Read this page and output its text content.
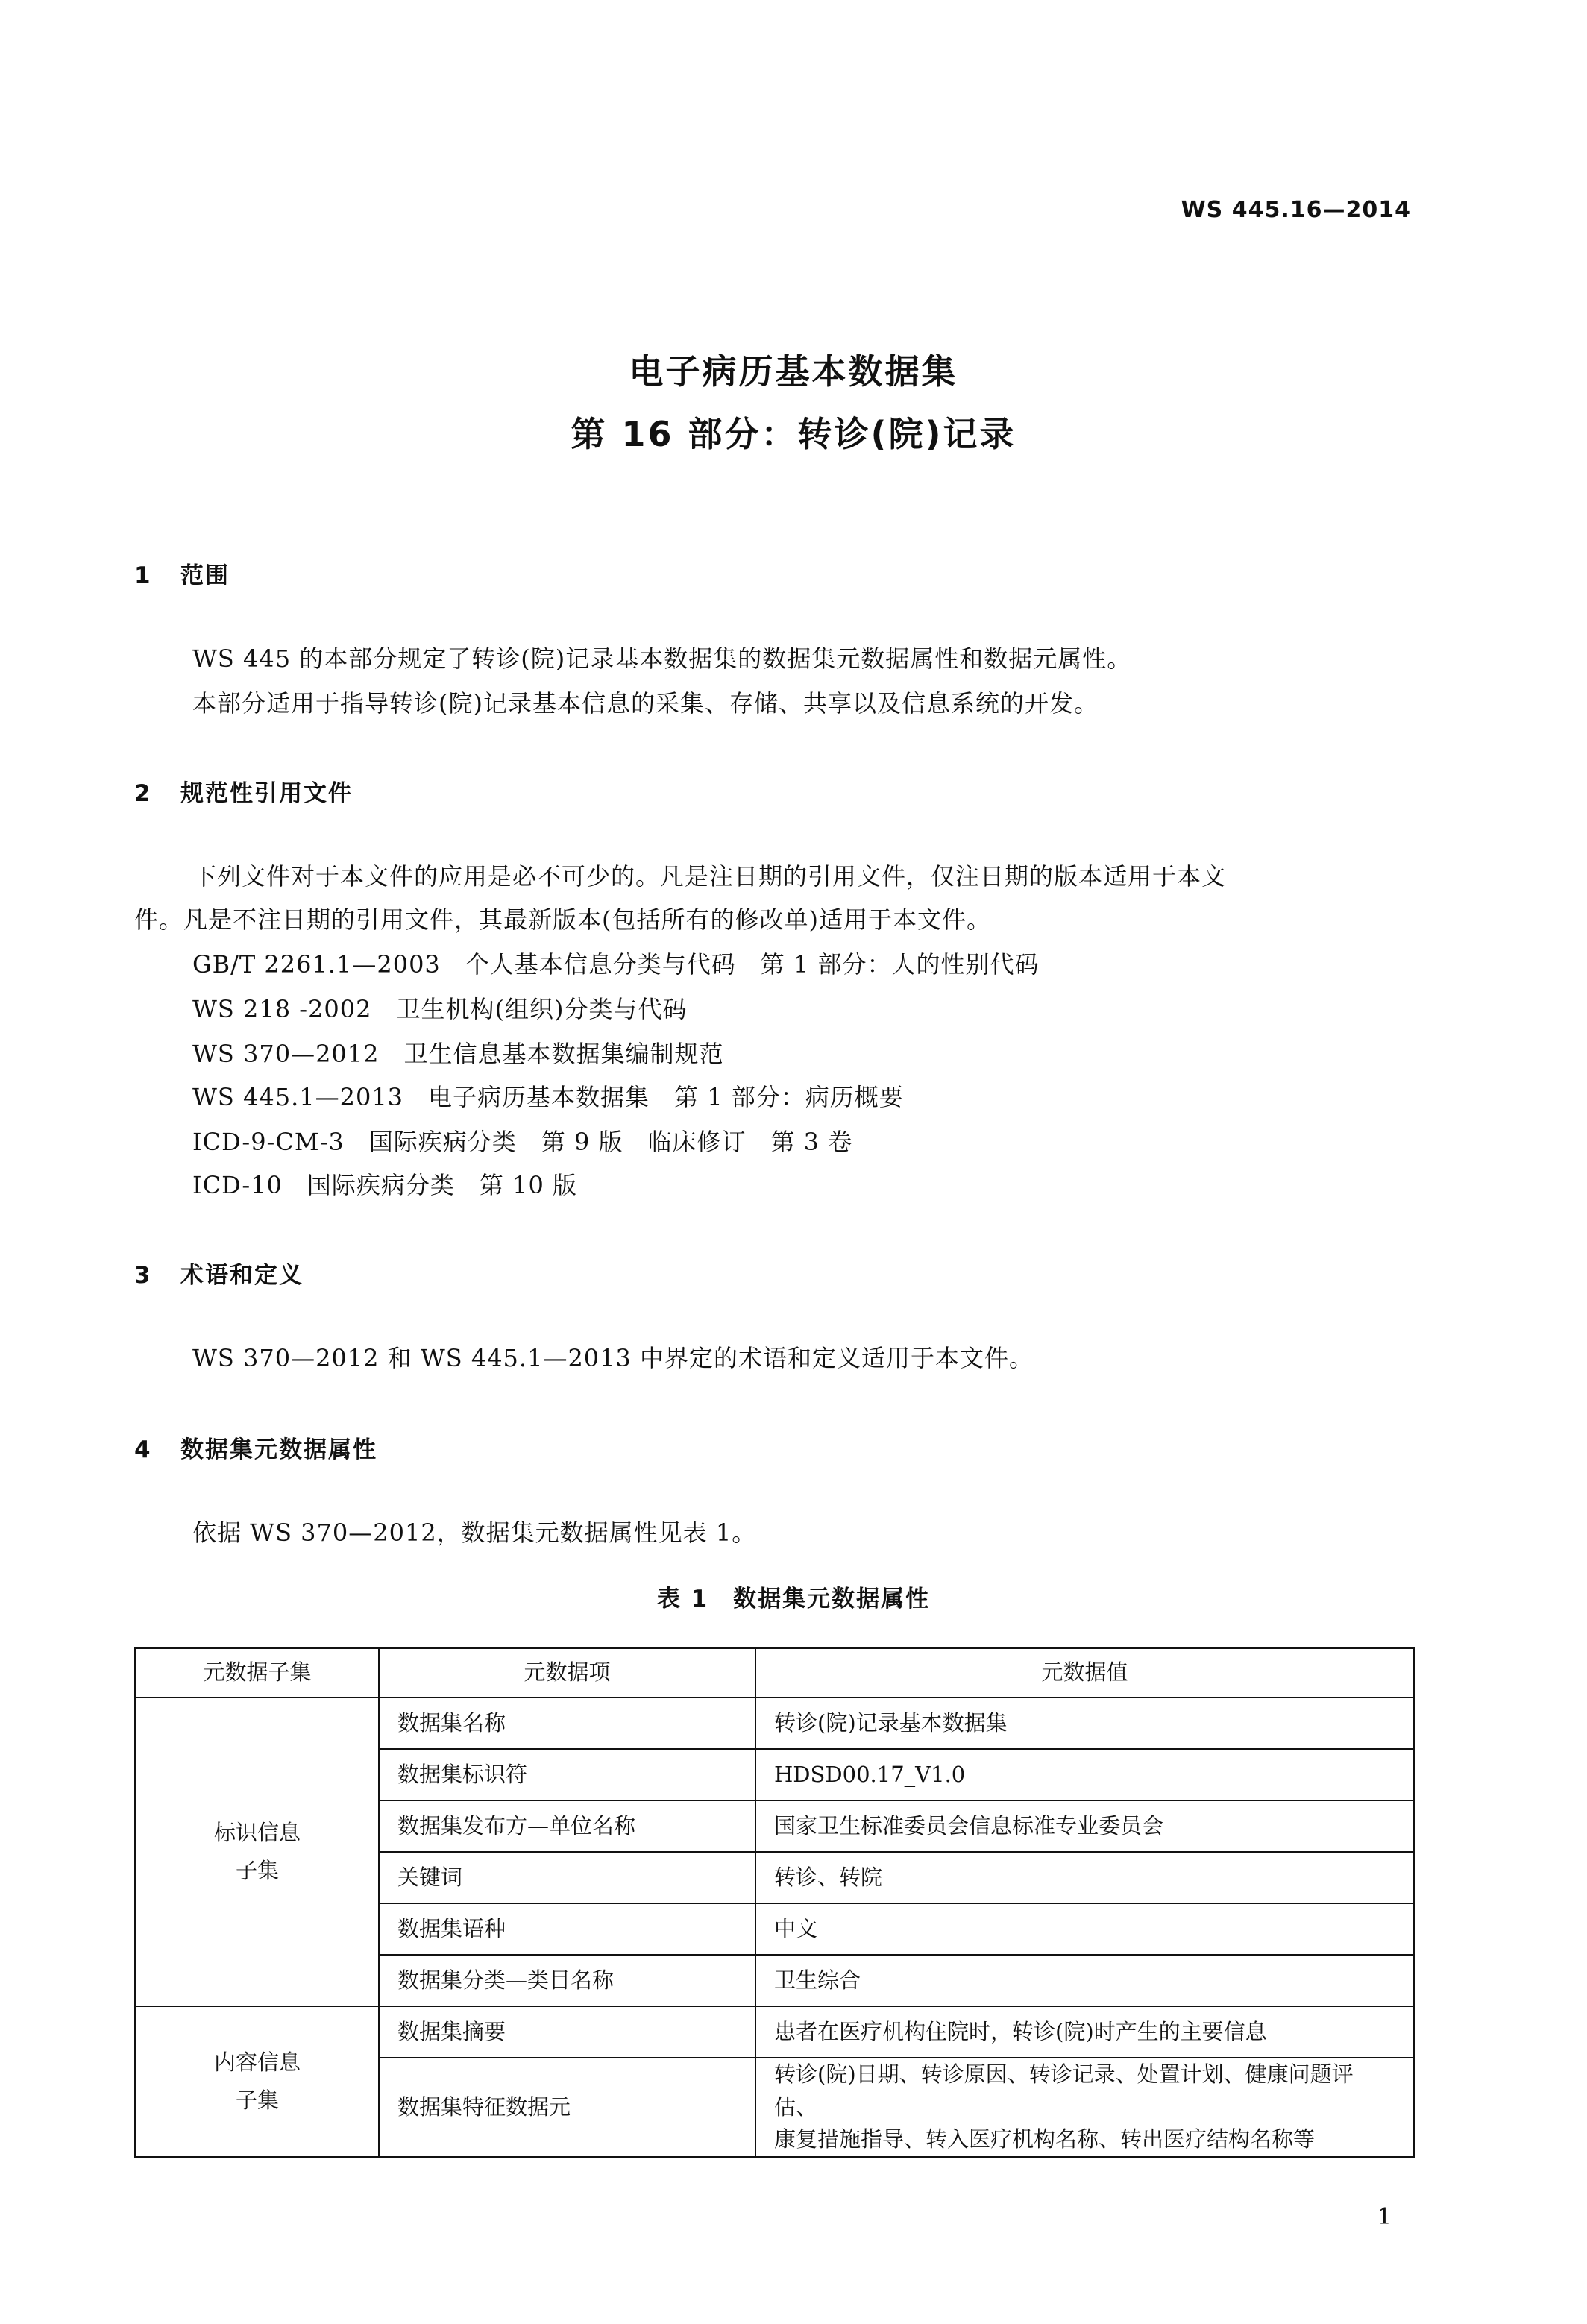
WS 445.16—2014
电子病历基本数据集
第 16 部分：转诊(院)记录
1 范围
WS 445 的本部分规定了转诊(院)记录基本数据集的数据集元数据属性和数据元属性。
本部分适用于指导转诊(院)记录基本信息的采集、存储、共享以及信息系统的开发。
2 规范性引用文件
下列文件对于本文件的应用是必不可少的。凡是注日期的引用文件，仅注日期的版本适用于本文
件。凡是不注日期的引用文件，其最新版本(包括所有的修改单)适用于本文件。
GB/T 2261.1—2003　个人基本信息分类与代码　第 1 部分：人的性别代码
WS 218 -2002　卫生机构(组织)分类与代码
WS 370—2012　卫生信息基本数据集编制规范
WS 445.1—2013　电子病历基本数据集　第 1 部分：病历概要
ICD-9-CM-3　国际疾病分类　第 9 版　临床修订　第 3 卷
ICD-10　国际疾病分类　第 10 版
3 术语和定义
WS 370—2012 和 WS 445.1—2013 中界定的术语和定义适用于本文件。
4 数据集元数据属性
依据 WS 370—2012，数据集元数据属性见表 1。
表 1　数据集元数据属性
元数据子集	元数据项	元数据值
标识信息
子集	数据集名称	转诊(院)记录基本数据集
	数据集标识符	HDSD00.17_V1.0
	数据集发布方—单位名称	国家卫生标准委员会信息标准专业委员会
	关键词	转诊、转院
	数据集语种	中文
	数据集分类—类目名称	卫生综合
内容信息
子集	数据集摘要	患者在医疗机构住院时，转诊(院)时产生的主要信息
	数据集特征数据元	转诊(院)日期、转诊原因、转诊记录、处置计划、健康问题评估、
康复措施指导、转入医疗机构名称、转出医疗结构名称等
1
